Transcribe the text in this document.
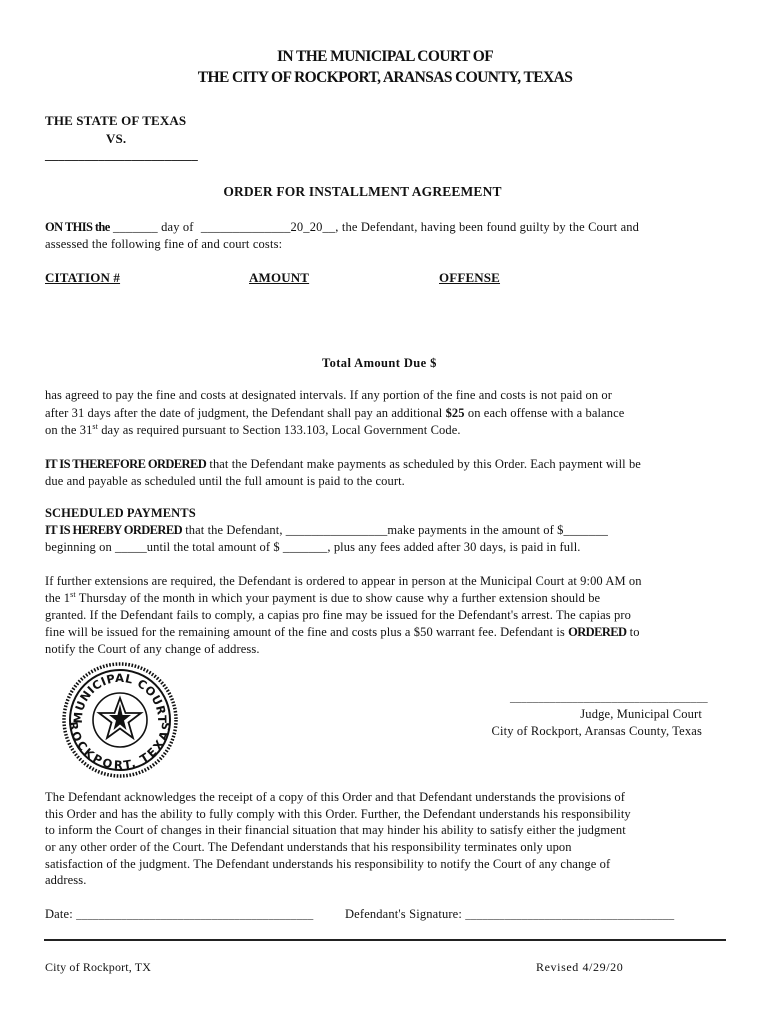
IN THE MUNICIPAL COURT OF
THE CITY OF ROCKPORT, ARANSAS COUNTY, TEXAS
THE STATE OF TEXAS
VS.
_______________________
ORDER FOR INSTALLMENT AGREEMENT
ON THIS the _______ day of ______________20_20__, the Defendant, having been found guilty by the Court and
assessed the following fine of and court costs:
CITATION #	AMOUNT	OFFENSE
Total Amount Due $
has agreed to pay the fine and costs at designated intervals. If any portion of the fine and costs is not paid on or
after 31 days after the date of judgment, the Defendant shall pay an additional $25 on each offense with a balance
on the 31st day as required pursuant to Section 133.103, Local Government Code.
IT IS THEREFORE ORDERED that the Defendant make payments as scheduled by this Order. Each payment will be
due and payable as scheduled until the full amount is paid to the court.
SCHEDULED PAYMENTS
IT IS HEREBY ORDERED that the Defendant, ________________make payments in the amount of $_______
beginning on _____until the total amount of $ _______, plus any fees added after 30 days, is paid in full.
If further extensions are required, the Defendant is ordered to appear in person at the Municipal Court at 9:00 AM on
the 1st Thursday of the month in which your payment is due to show cause why a further extension should be
granted. If the Defendant fails to comply, a capias pro fine may be issued for the Defendant's arrest. The capias pro
fine will be issued for the remaining amount of the fine and costs plus a $50 warrant fee. Defendant is ORDERED to
notify the Court of any change of address.
MUNICIPAL COURT
ROCKPORT, TEXAS
___________________________________
Judge, Municipal Court
City of Rockport, Aransas County, Texas
The Defendant acknowledges the receipt of a copy of this Order and that Defendant understands the provisions of
this Order and has the ability to fully comply with this Order. Further, the Defendant understands his responsibility
to inform the Court of changes in their financial situation that may hinder his ability to satisfy either the judgment
or any other order of the Court. The Defendant understands that his responsibility terminates only upon
satisfaction of the judgment. The Defendant understands his responsibility to notify the Court of any change of
address.
Date: __________________________________________	Defendant's Signature: _____________________________________
City of Rockport, TX	Revised 4/29/20
